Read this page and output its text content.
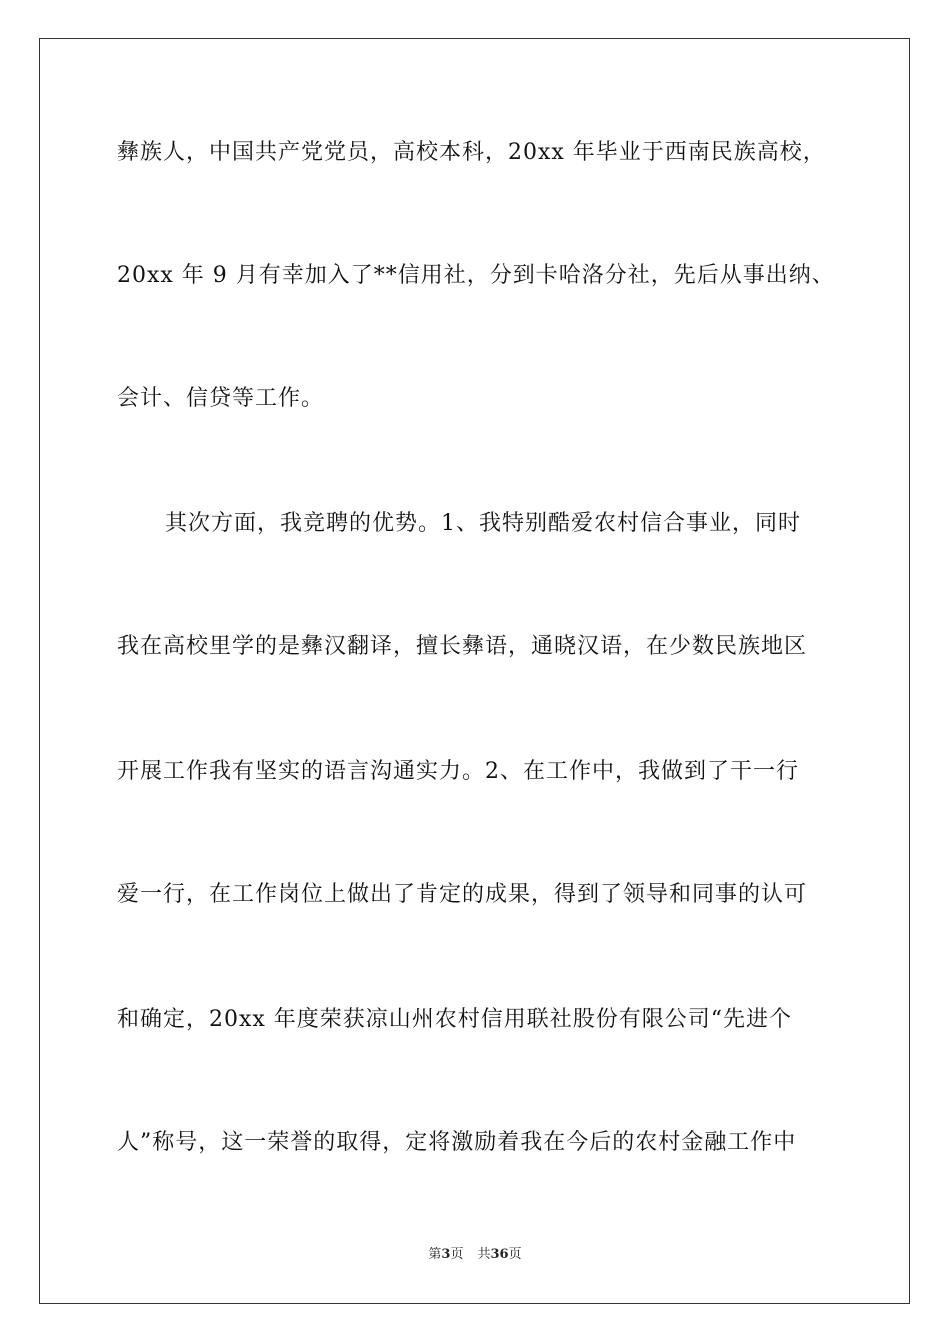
彝族人，中国共产党党员，高校本科，20xx 年毕业于西南民族高校，
20xx 年 9 月有幸加入了**信用社，分到卡哈洛分社，先后从事出纳、
会计、信贷等工作。
其次方面，我竞聘的优势。1、我特别酷爱农村信合事业，同时
我在高校里学的是彝汉翻译，擅长彝语，通晓汉语，在少数民族地区
开展工作我有坚实的语言沟通实力。2、在工作中，我做到了干一行
爱一行，在工作岗位上做出了肯定的成果，得到了领导和同事的认可
和确定，20xx 年度荣获凉山州农村信用联社股份有限公司“先进个
人”称号，这一荣誉的取得，定将激励着我在今后的农村金融工作中
第3页 共36页
